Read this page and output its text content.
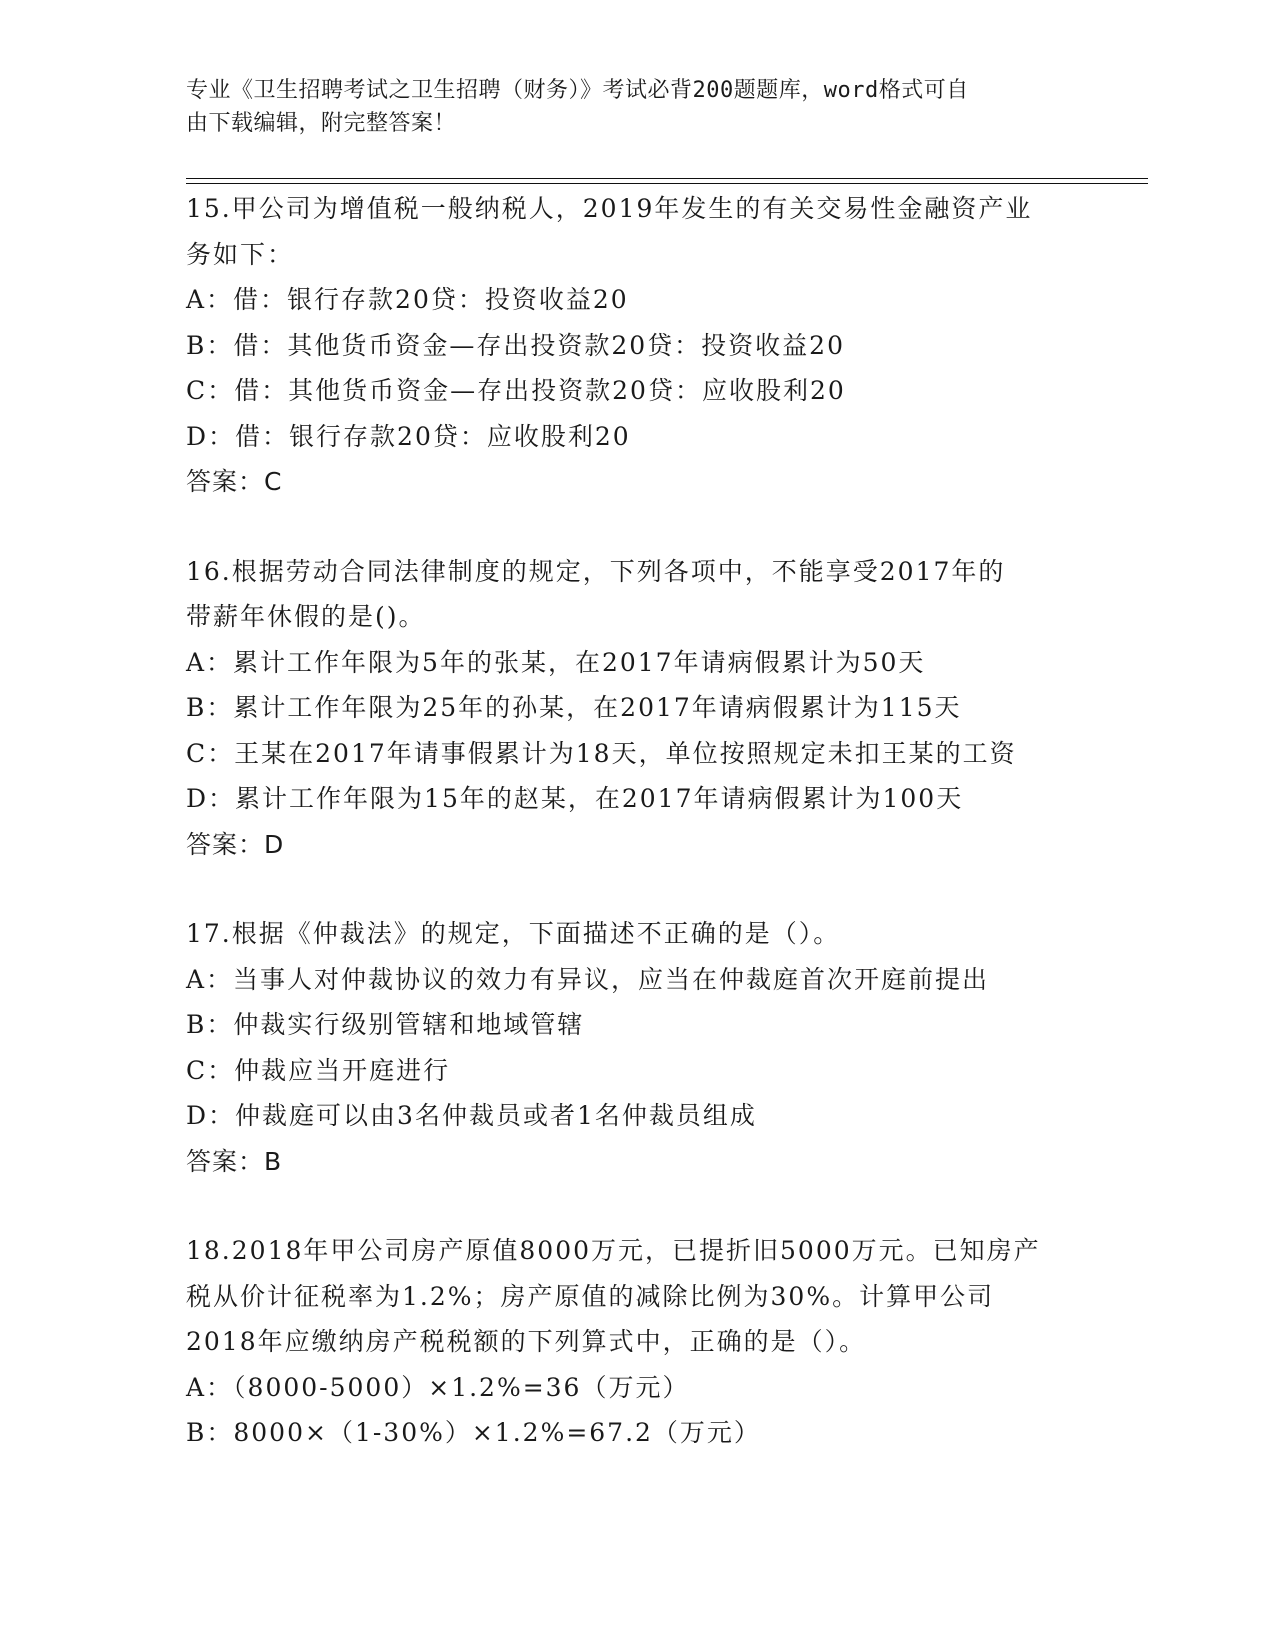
专业《卫生招聘考试之卫生招聘（财务）》考试必背200题题库，word格式可自
由下载编辑，附完整答案！
15.甲公司为增值税一般纳税人，2019年发生的有关交易性金融资产业
务如下：
A：借：银行存款20贷：投资收益20
B：借：其他货币资金—存出投资款20贷：投资收益20
C：借：其他货币资金—存出投资款20贷：应收股利20
D：借：银行存款20贷：应收股利20
答案：C
16.根据劳动合同法律制度的规定，下列各项中，不能享受2017年的
带薪年休假的是()。
A：累计工作年限为5年的张某，在2017年请病假累计为50天
B：累计工作年限为25年的孙某，在2017年请病假累计为115天
C：王某在2017年请事假累计为18天，单位按照规定未扣王某的工资
D：累计工作年限为15年的赵某，在2017年请病假累计为100天
答案：D
17.根据《仲裁法》的规定，下面描述不正确的是（）。
A：当事人对仲裁协议的效力有异议，应当在仲裁庭首次开庭前提出
B：仲裁实行级别管辖和地域管辖
C：仲裁应当开庭进行
D：仲裁庭可以由3名仲裁员或者1名仲裁员组成
答案：B
18.2018年甲公司房产原值8000万元，已提折旧5000万元。已知房产
税从价计征税率为1.2%；房产原值的减除比例为30%。计算甲公司
2018年应缴纳房产税税额的下列算式中，正确的是（）。
A：（8000-5000）×1.2%=36（万元）
B：8000×（1-30%）×1.2%=67.2（万元）
